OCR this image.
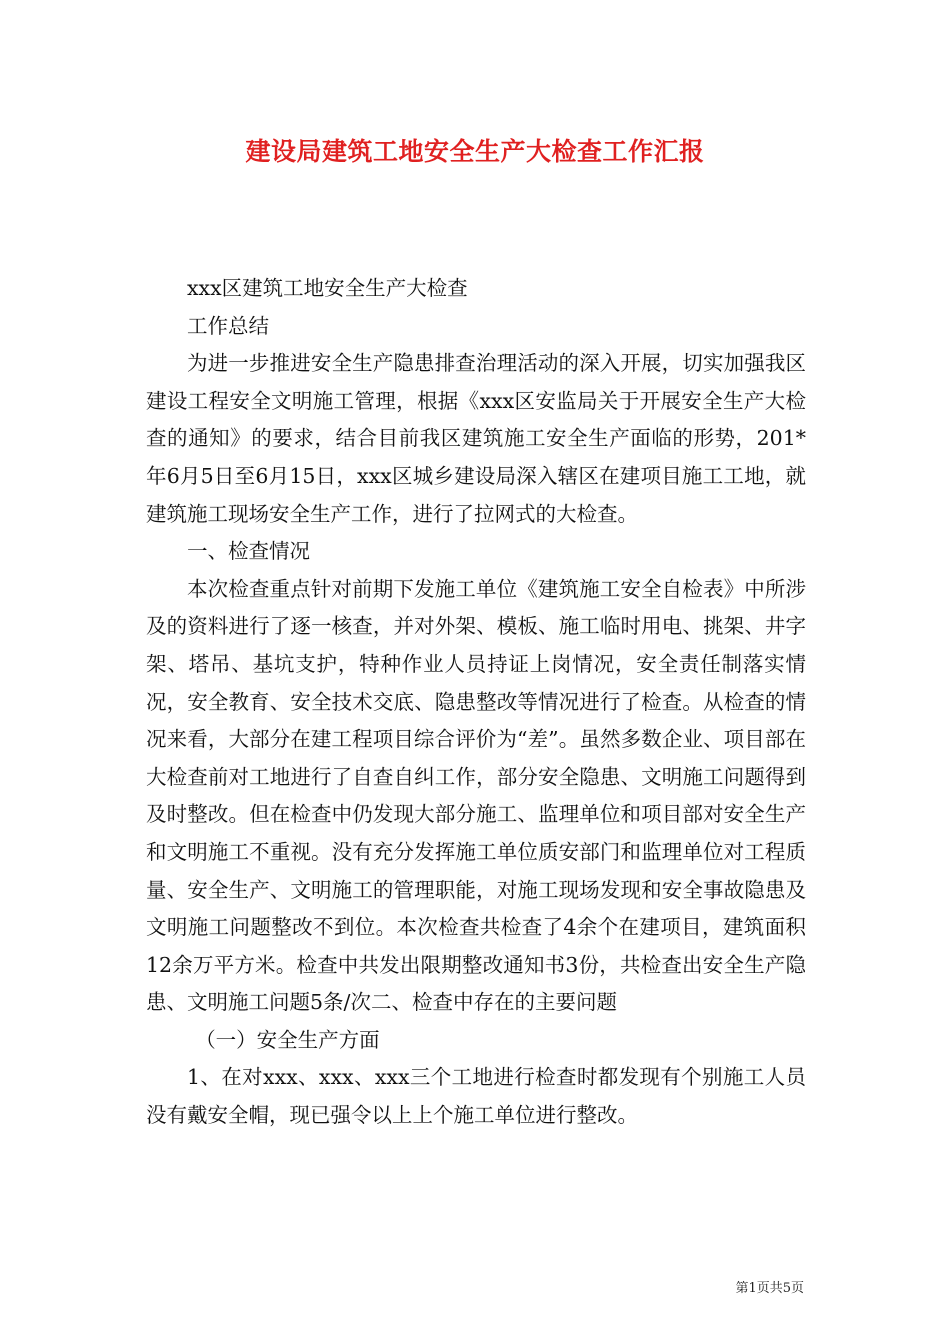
建设局建筑工地安全生产大检查工作汇报

xxx区建筑工地安全生产大检查

工作总结

为进一步推进安全生产隐患排查治理活动的深入开展，切实加强我区建设工程安全文明施工管理，根据《xxx区安监局关于开展安全生产大检查的通知》的要求，结合目前我区建筑施工安全生产面临的形势，201*年6月5日至6月15日，xxx区城乡建设局深入辖区在建项目施工工地，就建筑施工现场安全生产工作，进行了拉网式的大检查。

一、检查情况

本次检查重点针对前期下发施工单位《建筑施工安全自检表》中所涉及的资料进行了逐一核查，并对外架、模板、施工临时用电、挑架、井字架、塔吊、基坑支护，特种作业人员持证上岗情况，安全责任制落实情况，安全教育、安全技术交底、隐患整改等情况进行了检查。从检查的情况来看，大部分在建工程项目综合评价为“差”。虽然多数企业、项目部在大检查前对工地进行了自查自纠工作，部分安全隐患、文明施工问题得到及时整改。但在检查中仍发现大部分施工、监理单位和项目部对安全生产和文明施工不重视。没有充分发挥施工单位质安部门和监理单位对工程质量、安全生产、文明施工的管理职能，对施工现场发现和安全事故隐患及文明施工问题整改不到位。本次检查共检查了4余个在建项目，建筑面积12余万平方米。检查中共发出限期整改通知书3份，共检查出安全生产隐患、文明施工问题5条/次二、检查中存在的主要问题

（一）安全生产方面

1、在对xxx、xxx、xxx三个工地进行检查时都发现有个别施工人员没有戴安全帽，现已强令以上上个施工单位进行整改。

第1页共5页
